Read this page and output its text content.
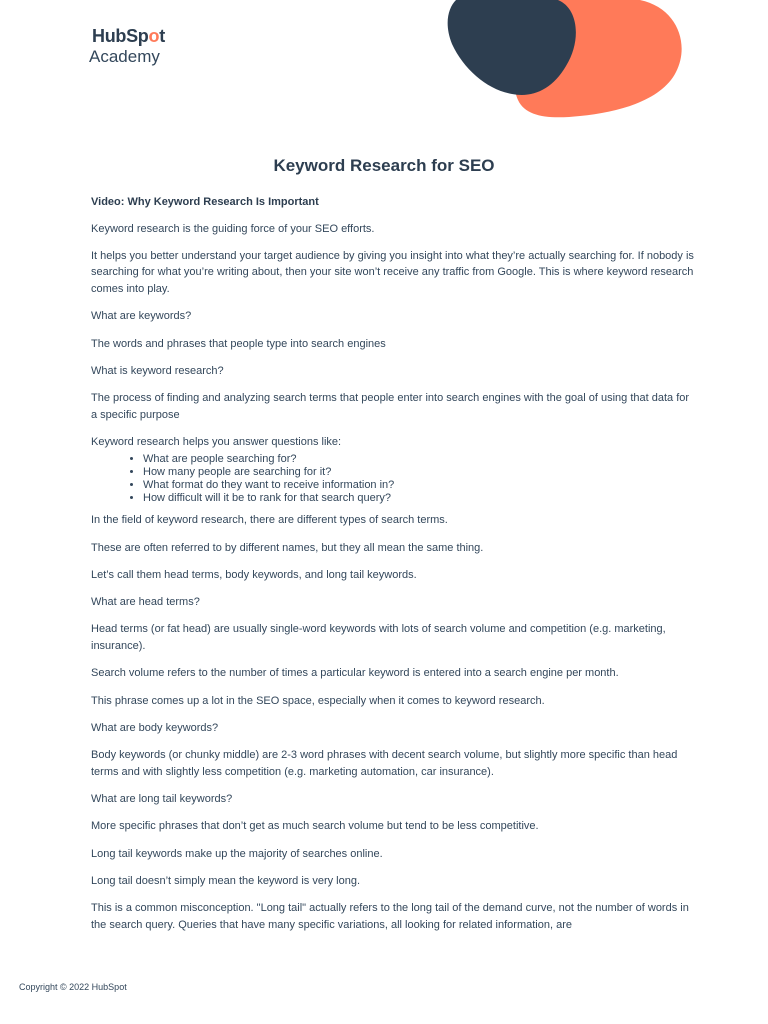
HubSpot
Academy
Keyword Research for SEO

Video: Why Keyword Research Is Important

Keyword research is the guiding force of your SEO efforts.

It helps you better understand your target audience by giving you insight into what they’re actually searching for. If nobody is searching for what you’re writing about, then your site won’t receive any traffic from Google. This is where keyword research comes into play.

What are keywords?

The words and phrases that people type into search engines

What is keyword research?

The process of finding and analyzing search terms that people enter into search engines with the goal of using that data for a specific purpose

Keyword research helps you answer questions like:

• What are people searching for?
• How many people are searching for it?
• What format do they want to receive information in?
• How difficult will it be to rank for that search query?

In the field of keyword research, there are different types of search terms.

These are often referred to by different names, but they all mean the same thing.

Let’s call them head terms, body keywords, and long tail keywords.

What are head terms?

Head terms (or fat head) are usually single-word keywords with lots of search volume and competition (e.g. marketing, insurance).

Search volume refers to the number of times a particular keyword is entered into a search engine per month.

This phrase comes up a lot in the SEO space, especially when it comes to keyword research.

What are body keywords?

Body keywords (or chunky middle) are 2-3 word phrases with decent search volume, but slightly more specific than head terms and with slightly less competition (e.g. marketing automation, car insurance).

What are long tail keywords?

More specific phrases that don’t get as much search volume but tend to be less competitive.

Long tail keywords make up the majority of searches online.

Long tail doesn’t simply mean the keyword is very long.

This is a common misconception. "Long tail" actually refers to the long tail of the demand curve, not the number of words in the search query. Queries that have many specific variations, all looking for related information, are

Copyright © 2022 HubSpot
